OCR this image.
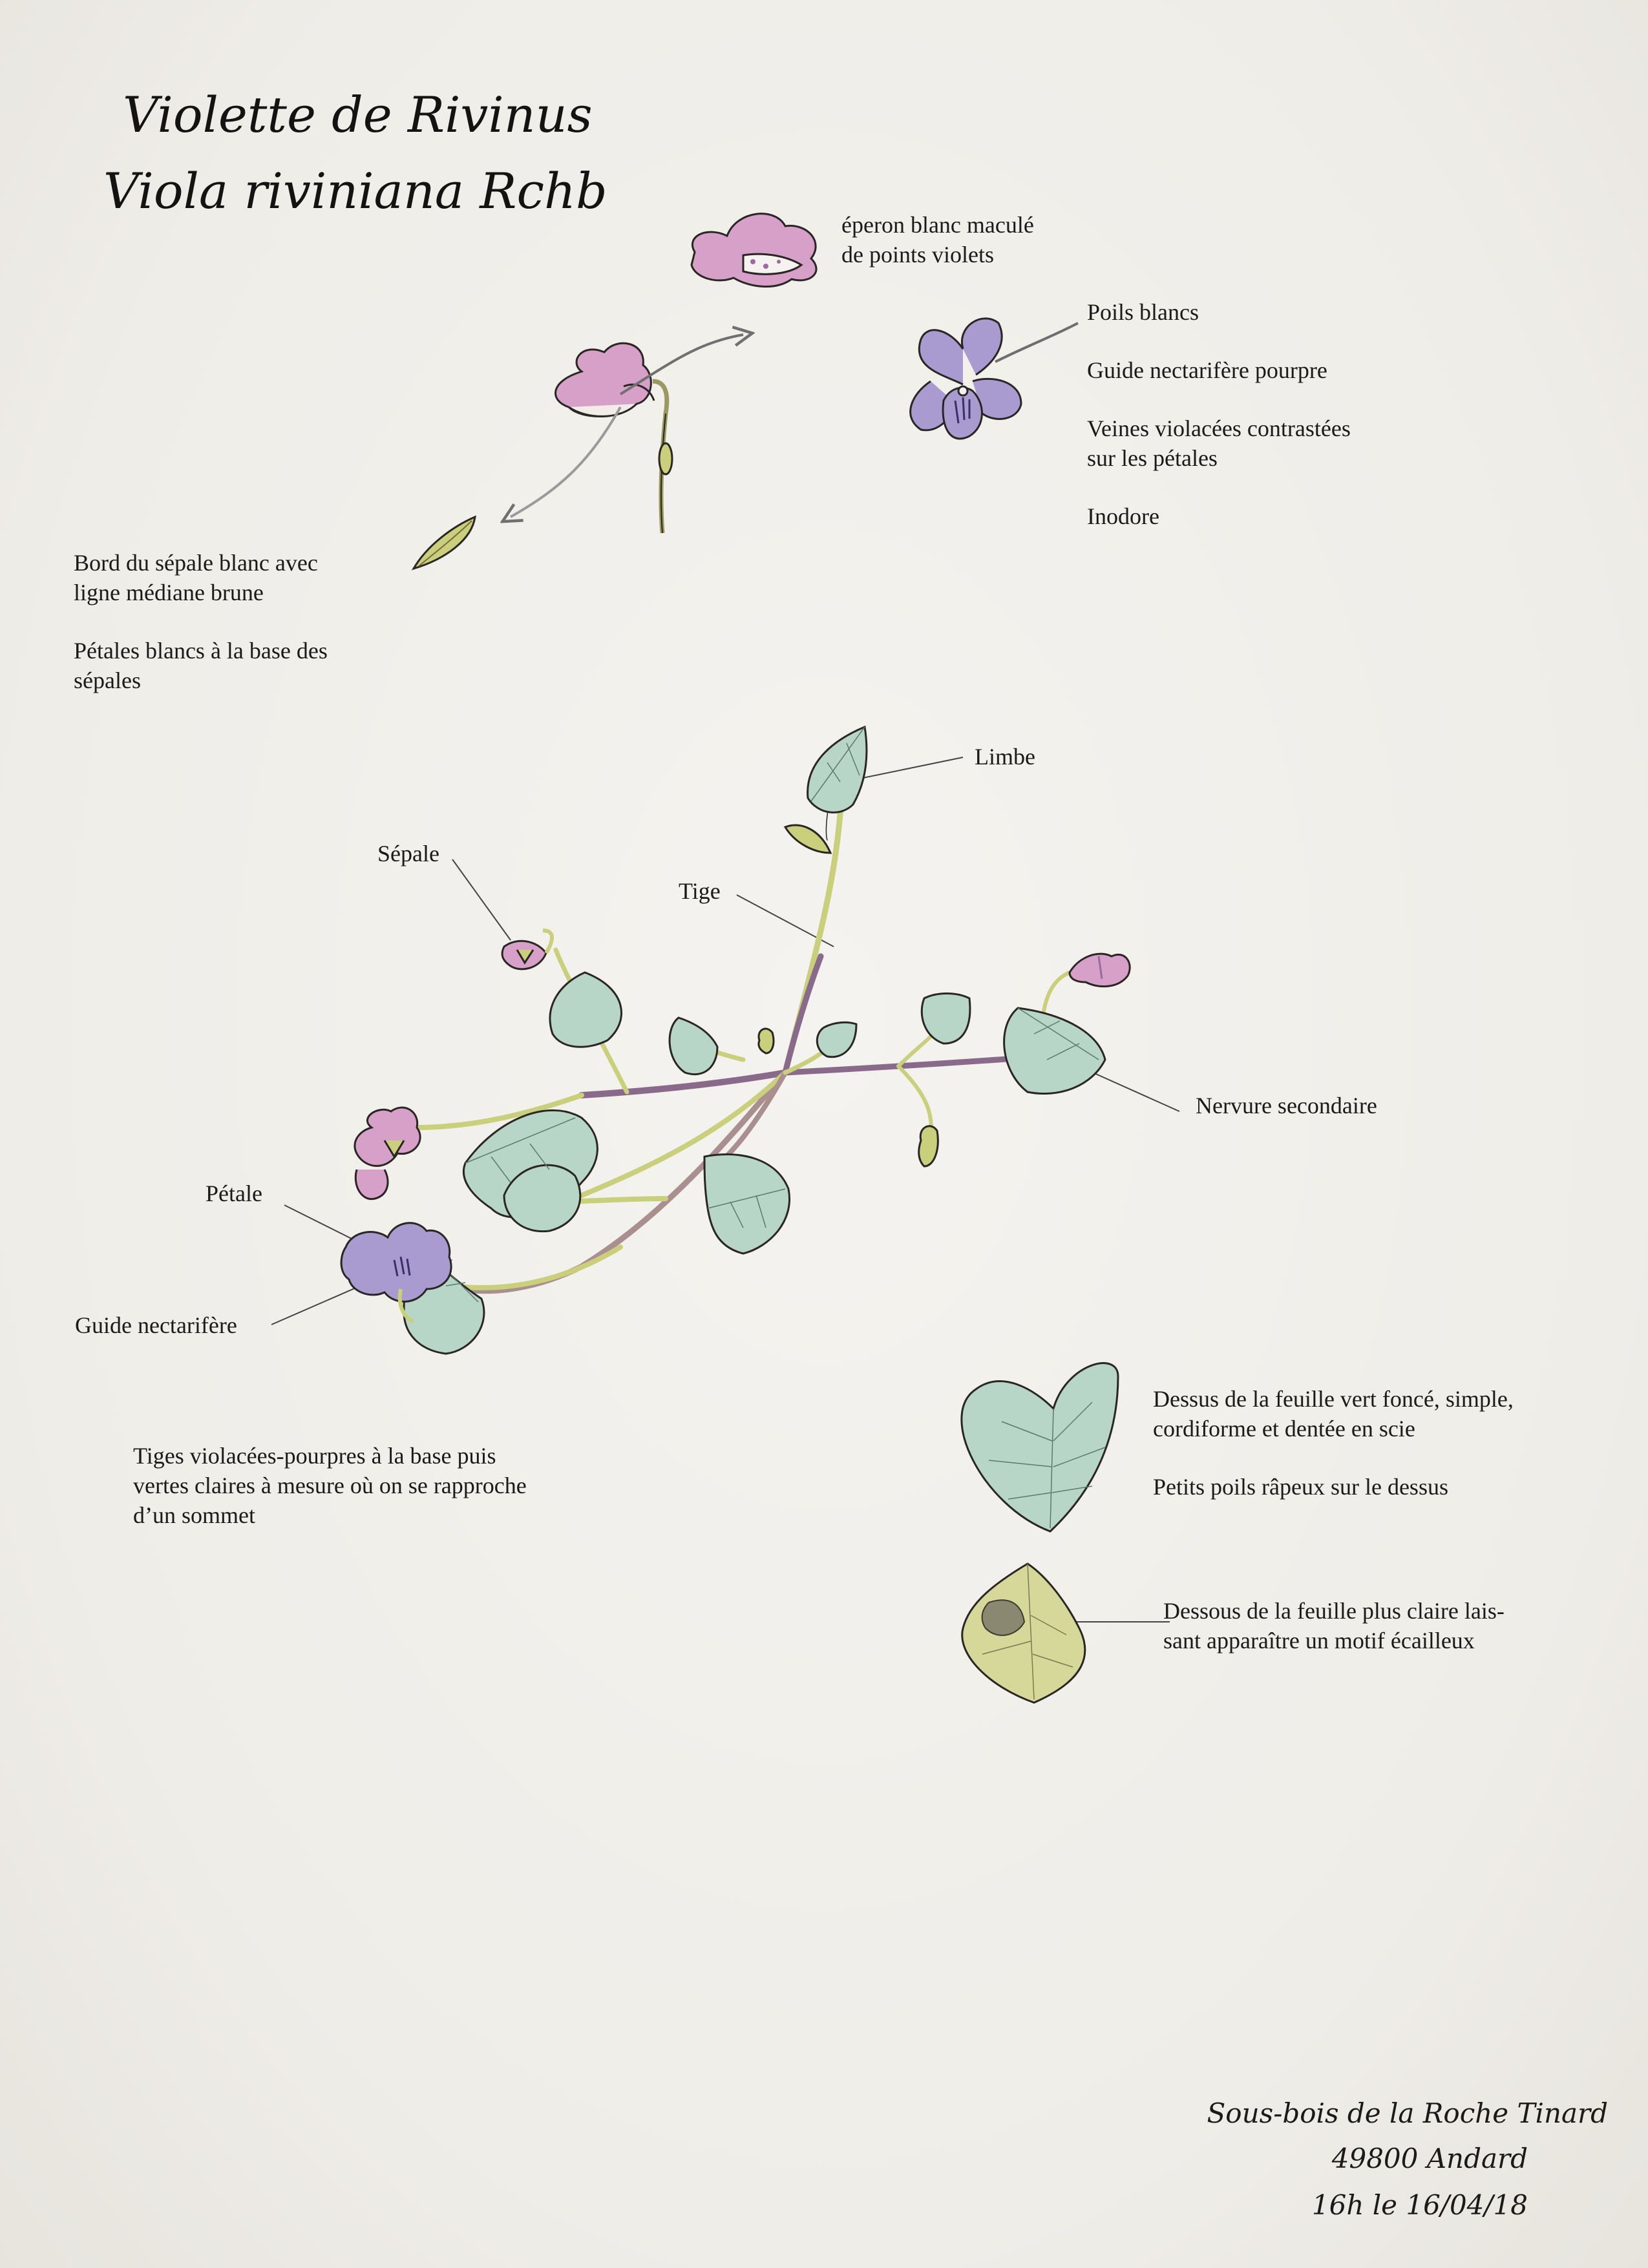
Violette de Rivinus
Viola riviniana Rchb
éperon blanc maculé
de points violets
Poils blancs
Guide nectarifère pourpre
Veines violacées contrastées
sur les pétales
Inodore
Bord du sépale blanc avec
ligne médiane brune
Pétales blancs à la base des
sépales
Limbe
Tige
Sépale
Nervure secondaire
Pétale
Guide nectarifère
Tiges violacées-pourpres à la base puis
vertes claires à mesure où on se rapproche
d’un sommet
Dessus de la feuille vert foncé, simple,
cordiforme et dentée en scie
Petits poils râpeux sur le dessus
Dessous de la feuille plus claire lais-
sant apparaître un motif écailleux
Sous-bois de la Roche Tinard
49800 Andard
16h le 16/04/18
